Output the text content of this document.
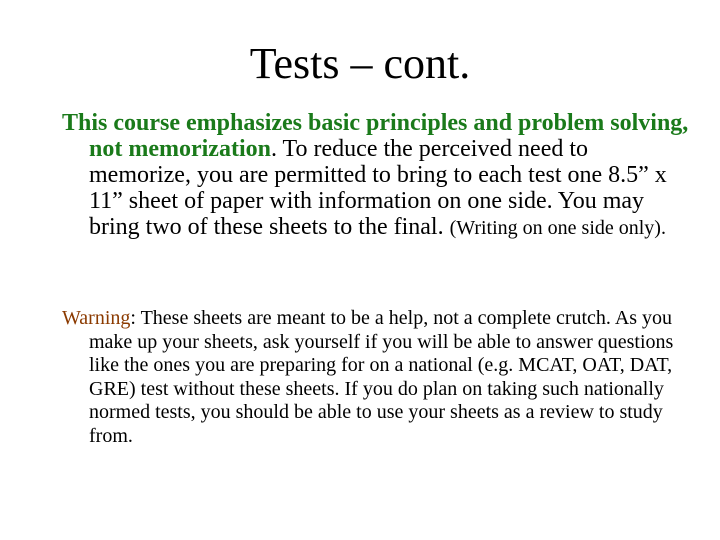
Tests – cont.
This course emphasizes basic principles and problem solving, not memorization. To reduce the perceived need to memorize, you are permitted to bring to each test one 8.5” x 11” sheet of paper with information on one side. You may bring two of these sheets to the final. (Writing on one side only).
Warning: These sheets are meant to be a help, not a complete crutch. As you make up your sheets, ask yourself if you will be able to answer questions like the ones you are preparing for on a national (e.g. MCAT, OAT, DAT, GRE) test without these sheets. If you do plan on taking such nationally normed tests, you should be able to use your sheets as a review to study from.
